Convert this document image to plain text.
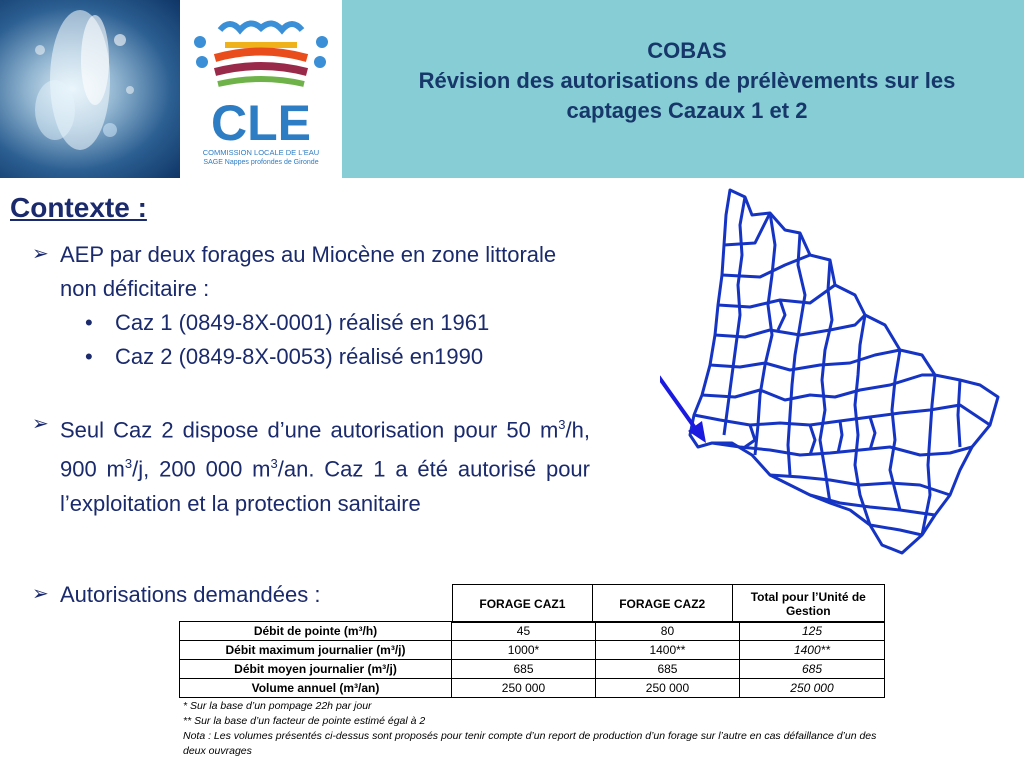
CLE
COMMISSION LOCALE DE L'EAU
SAGE Nappes profondes de Gironde
COBAS
Révision des autorisations de prélèvements sur les captages Cazaux 1 et 2
Contexte :
➢ AEP par deux forages au Miocène en zone littorale non déficitaire :
• Caz 1 (0849-8X-0001) réalisé en 1961
• Caz 2 (0849-8X-0053) réalisé en1990
➢ Seul Caz 2 dispose d’une autorisation pour 50 $m^3/h$, 900 $m^3/j$, 200 000 $m^3/an$. Caz 1 a été autorisé pour l’exploitation et la protection sanitaire
➢ Autorisations demandées :	FORAGE CAZ1	FORAGE CAZ2	Total pour l’Unité de Gestion
Débit de pointe (m³/h)	45	80	125
Débit maximum journalier (m³/j)	1000*	1400**	1400**
Débit moyen journalier (m³/j)	685	685	685
Volume annuel (m³/an)	250 000	250 000	250 000
* Sur la base d’un pompage 22h par jour
** Sur la base d’un facteur de pointe estimé égal à 2
Nota : Les volumes présentés ci-dessus sont proposés pour tenir compte d’un report de production d’un forage sur l’autre en cas défaillance d’un des deux ouvrages
